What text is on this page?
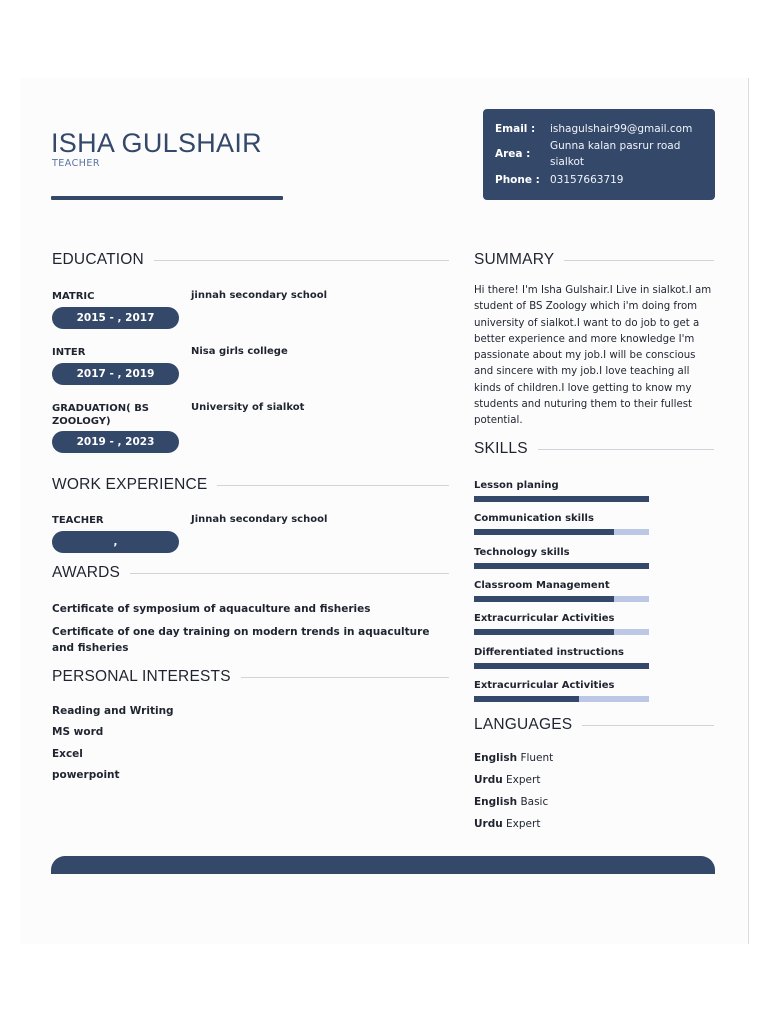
ISHA GULSHAIR
TEACHER
Email :	ishagulshair99@gmail.com
Area :
Gunna kalan pasrur road sialkot
Phone : 03157663719
EDUCATION
MATRIC	jinnah secondary school
2015 - , 2017
INTER	Nisa girls college
2017 - , 2019
GRADUATION( BS ZOOLOGY)
University of sialkot
2019 - , 2023
WORK EXPERIENCE
TEACHER	Jinnah secondary school
,
AWARDS
Certificate of symposium of aquaculture and fisheries
Certificate of one day training on modern trends in aquaculture and fisheries
PERSONAL INTERESTS
Reading and Writing
MS word
Excel
powerpoint
SUMMARY
Hi there! I'm Isha Gulshair.I Live in sialkot.I am student of BS Zoology which i'm doing from university of sialkot.I want to do job to get a better experience and more knowledge I'm passionate about my job.I will be conscious and sincere with my job.I love teaching all kinds of children.I love getting to know my students and nuturing them to their fullest potential.
SKILLS
Lesson planing
Communication skills
Technology skills
Classroom Management
Extracurricular Activities
Differentiated instructions
Extracurricular Activities
LANGUAGES
English Fluent
Urdu Expert
English Basic
Urdu Expert
